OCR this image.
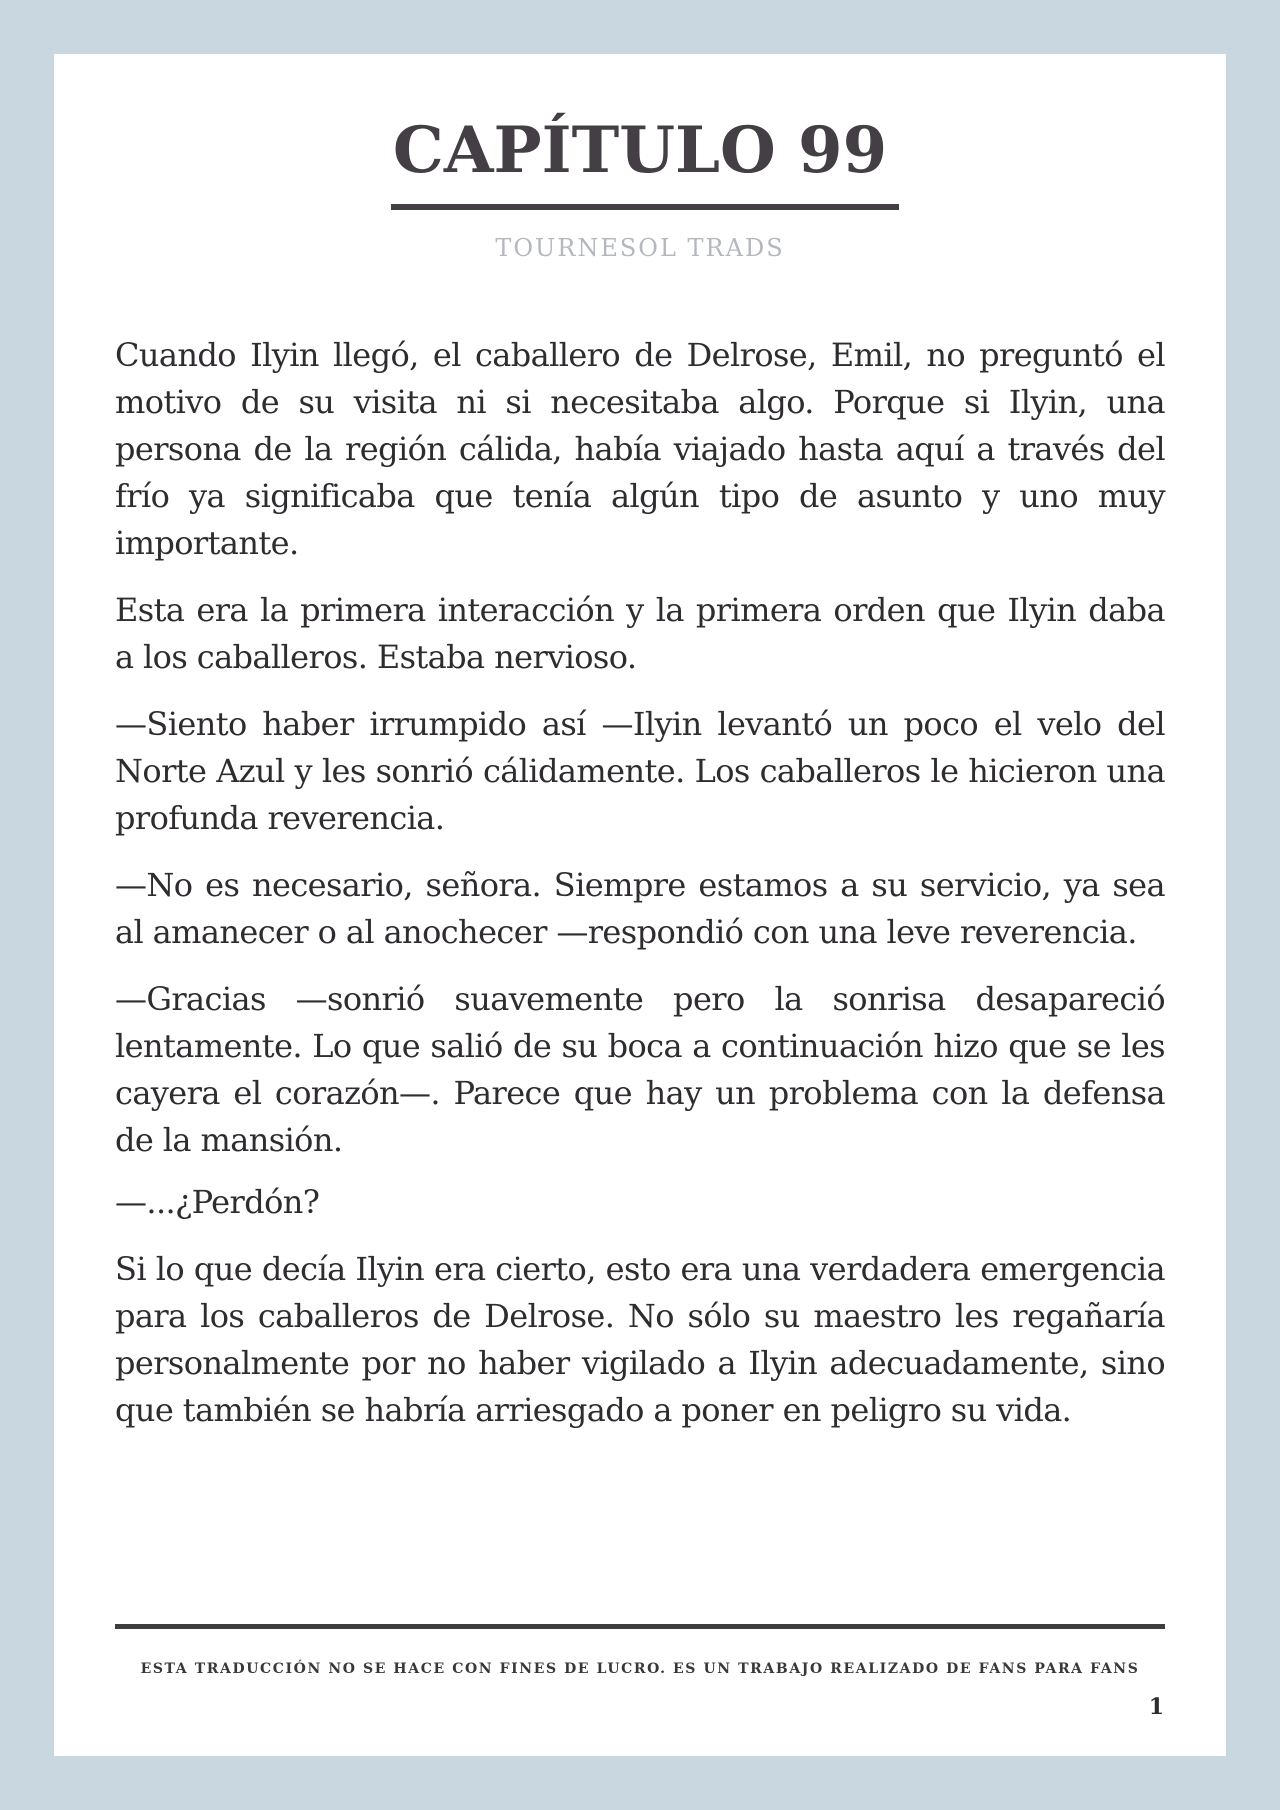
CAPÍTULO 99
TOURNESOL TRADS

Cuando Ilyin llegó, el caballero de Delrose, Emil, no preguntó el motivo de su visita ni si necesitaba algo. Porque si Ilyin, una persona de la región cálida, había viajado hasta aquí a través del frío ya significaba que tenía algún tipo de asunto y uno muy importante.

Esta era la primera interacción y la primera orden que Ilyin daba a los caballeros. Estaba nervioso.

—Siento haber irrumpido así —Ilyin levantó un poco el velo del Norte Azul y les sonrió cálidamente. Los caballeros le hicieron una profunda reverencia.

—No es necesario, señora. Siempre estamos a su servicio, ya sea al amanecer o al anochecer —respondió con una leve reverencia.

—Gracias —sonrió suavemente pero la sonrisa desapareció lentamente. Lo que salió de su boca a continuación hizo que se les cayera el corazón—. Parece que hay un problema con la defensa de la mansión.

—...¿Perdón?

Si lo que decía Ilyin era cierto, esto era una verdadera emergencia para los caballeros de Delrose. No sólo su maestro les regañaría personalmente por no haber vigilado a Ilyin adecuadamente, sino que también se habría arriesgado a poner en peligro su vida.

ESTA TRADUCCIÓN NO SE HACE CON FINES DE LUCRO. ES UN TRABAJO REALIZADO DE FANS PARA FANS
1
